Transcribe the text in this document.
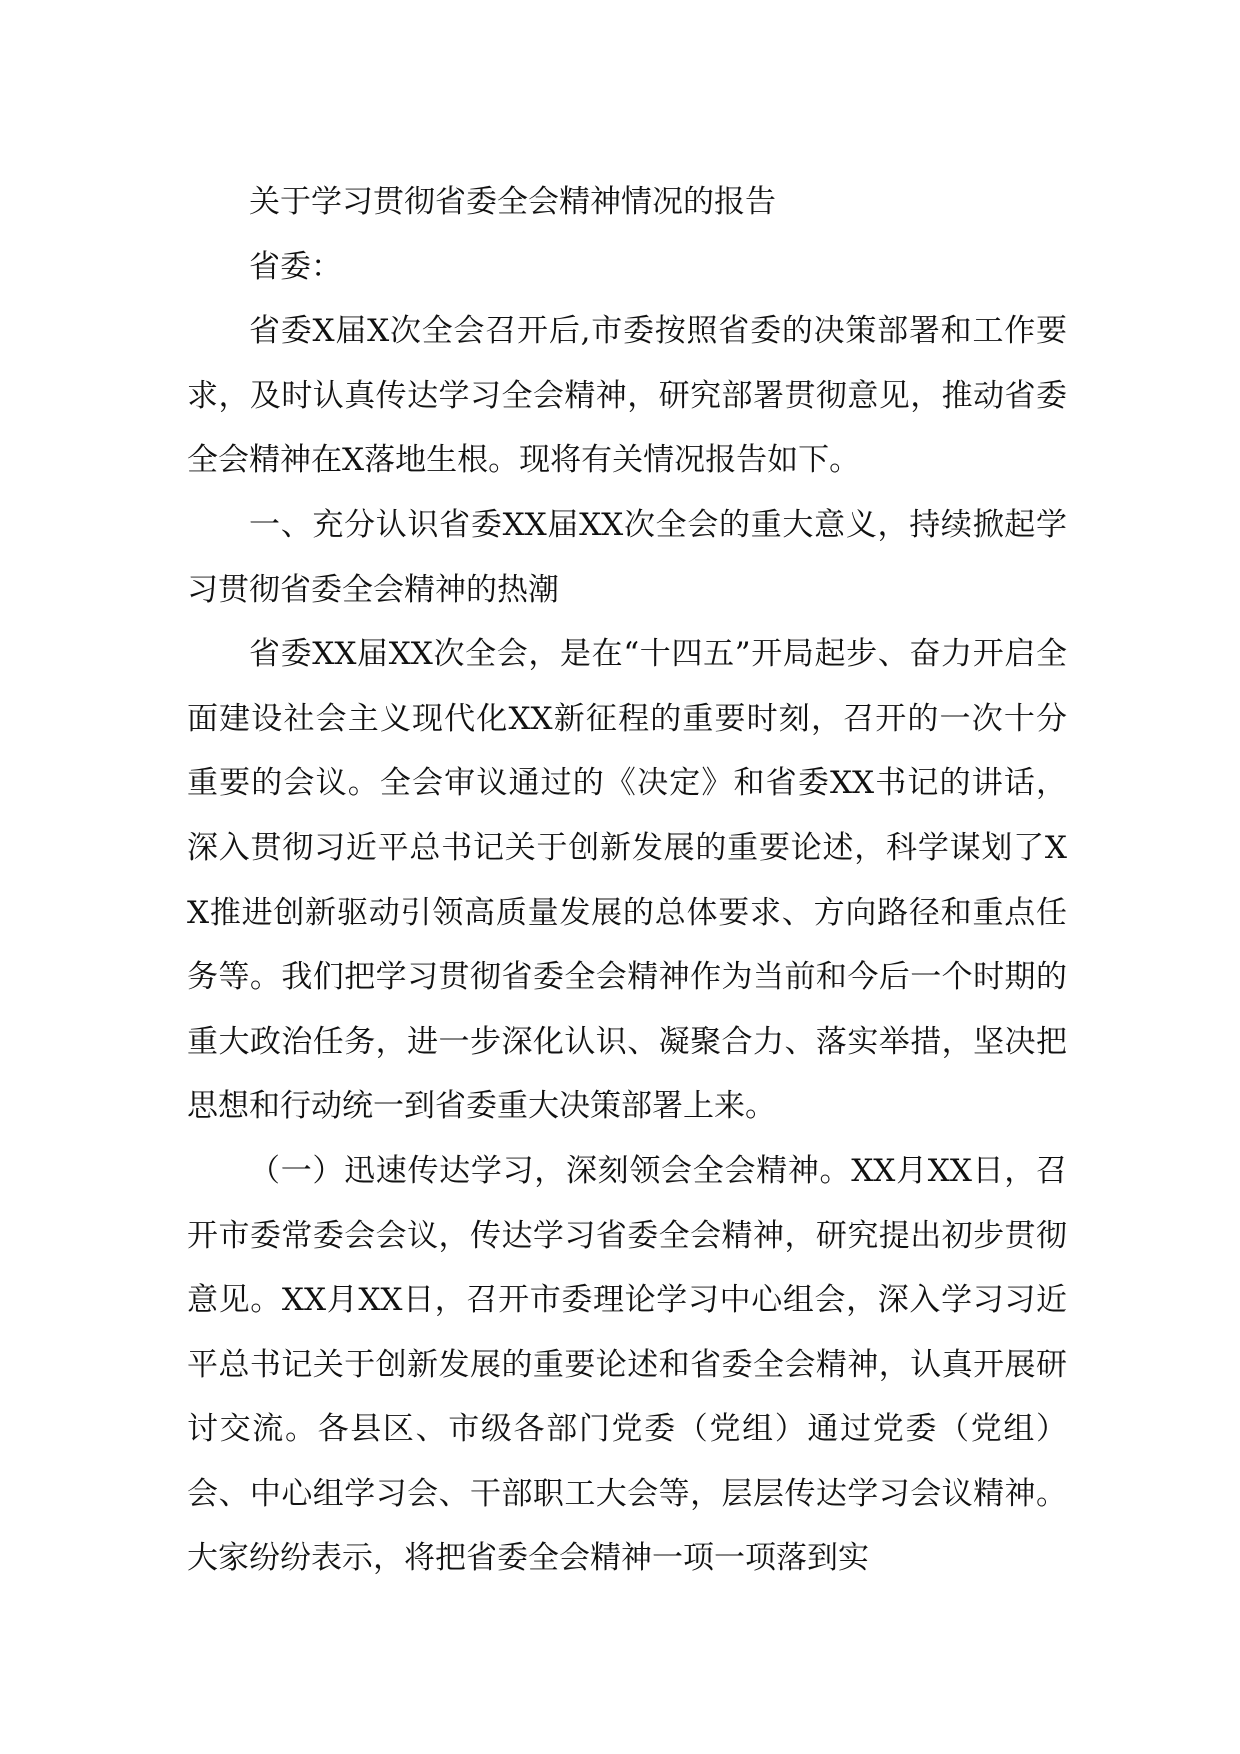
关于学习贯彻省委全会精神情况的报告

省委：

省委X届X次全会召开后,市委按照省委的决策部署和工作要求，及时认真传达学习全会精神，研究部署贯彻意见，推动省委全会精神在X落地生根。现将有关情况报告如下。

一、充分认识省委XX届XX次全会的重大意义，持续掀起学习贯彻省委全会精神的热潮

省委XX届XX次全会，是在“十四五”开局起步、奋力开启全面建设社会主义现代化XX新征程的重要时刻，召开的一次十分重要的会议。全会审议通过的《决定》和省委XX书记的讲话，深入贯彻习近平总书记关于创新发展的重要论述，科学谋划了XX推进创新驱动引领高质量发展的总体要求、方向路径和重点任务等。我们把学习贯彻省委全会精神作为当前和今后一个时期的重大政治任务，进一步深化认识、凝聚合力、落实举措，坚决把思想和行动统一到省委重大决策部署上来。

（一）迅速传达学习，深刻领会全会精神。XX月XX日，召开市委常委会会议，传达学习省委全会精神，研究提出初步贯彻意见。XX月XX日，召开市委理论学习中心组会，深入学习习近平总书记关于创新发展的重要论述和省委全会精神，认真开展研讨交流。各县区、市级各部门党委（党组）通过党委（党组）会、中心组学习会、干部职工大会等，层层传达学习会议精神。大家纷纷表示，将把省委全会精神一项一项落到实
